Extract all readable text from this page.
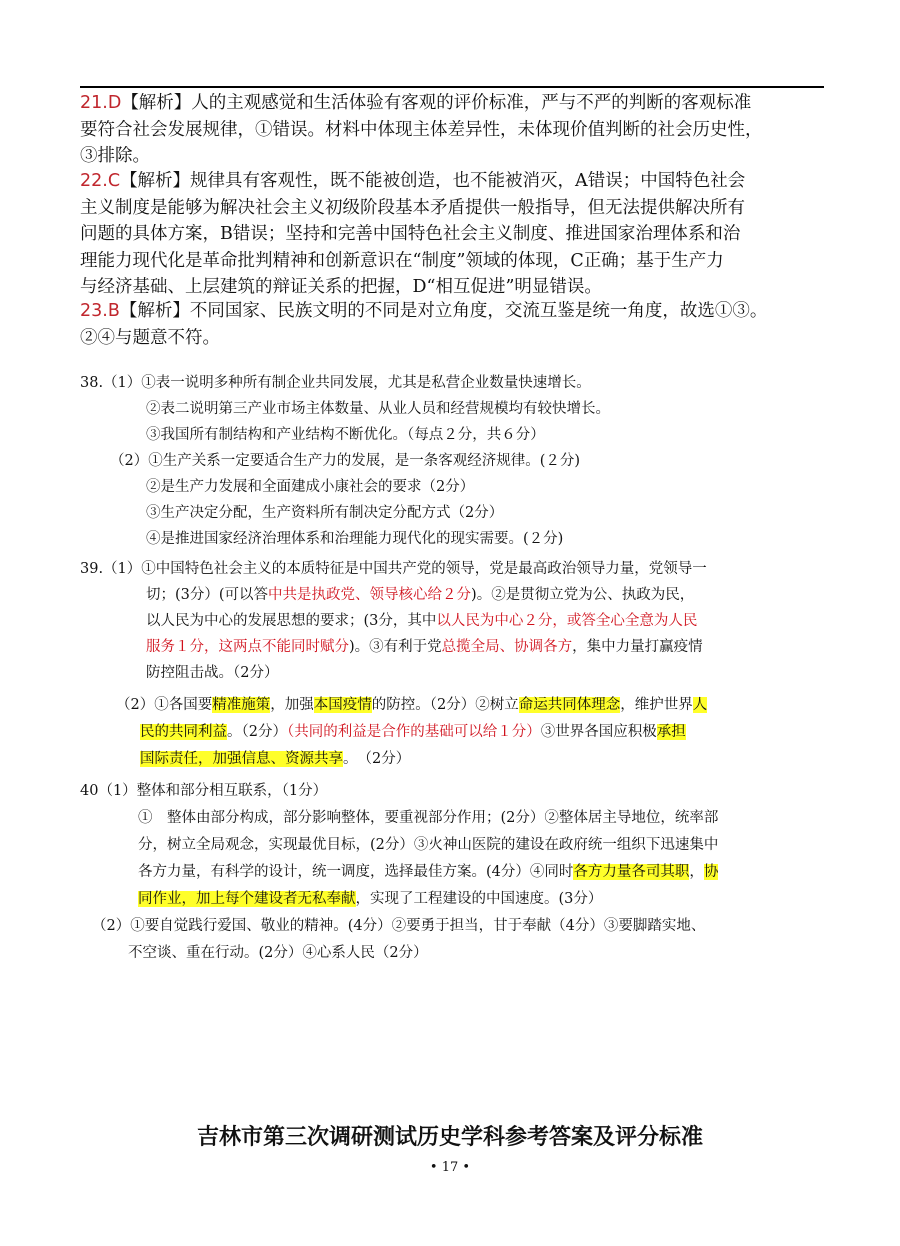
21.D【解析】人的主观感觉和生活体验有客观的评价标准，严与不严的判断的客观标准

要符合社会发展规律，①错误。材料中体现主体差异性，未体现价值判断的社会历史性，

③排除。

22.C【解析】规律具有客观性，既不能被创造，也不能被消灭，A错误；中国特色社会

主义制度是能够为解决社会主义初级阶段基本矛盾提供一般指导，但无法提供解决所有

问题的具体方案，B错误；坚持和完善中国特色社会主义制度、推进国家治理体系和治

理能力现代化是革命批判精神和创新意识在“制度”领域的体现，C正确；基于生产力

与经济基础、上层建筑的辩证关系的把握，D“相互促进”明显错误。

23.B【解析】不同国家、民族文明的不同是对立角度，交流互鉴是统一角度，故选①③。

②④与题意不符。

38.（1）①表一说明多种所有制企业共同发展，尤其是私营企业数量快速增长。

②表二说明第三产业市场主体数量、从业人员和经营规模均有较快增长。

③我国所有制结构和产业结构不断优化。（每点２分，共６分）

（2）①生产关系一定要适合生产力的发展，是一条客观经济规律。(２分)

②是生产力发展和全面建成小康社会的要求（2分）

③生产决定分配，生产资料所有制决定分配方式（2分）

④是推进国家经济治理体系和治理能力现代化的现实需要。(２分)

39.（1）①中国特色社会主义的本质特征是中国共产党的领导，党是最高政治领导力量，党领导一

切；(3分）(可以答中共是执政党、领导核心给２分)。②是贯彻立党为公、执政为民，

以人民为中心的发展思想的要求；(3分，其中以人民为中心２分，或答全心全意为人民

服务１分，这两点不能同时赋分)。③有利于党总揽全局、协调各方，集中力量打赢疫情

防控阻击战。（2分）

（2）①各国要精准施策，加强本国疫情的防控。（2分）②树立命运共同体理念，维护世界人

民的共同利益。（2分）（共同的利益是合作的基础可以给１分）③世界各国应积极承担

国际责任，加强信息、资源共享。　（2分）

40（1）整体和部分相互联系，（1分）

①　整体由部分构成，部分影响整体，要重视部分作用；(2分）②整体居主导地位，统率部

分，树立全局观念，实现最优目标，(2分）③火神山医院的建设在政府统一组织下迅速集中

各方力量，有科学的设计，统一调度，选择最佳方案。(4分）④同时各方力量各司其职，协

同作业，加上每个建设者无私奉献，实现了工程建设的中国速度。(3分）

（2）①要自觉践行爱国、敬业的精神。(4分）②要勇于担当，甘于奉献（4分）③要脚踏实地、

不空谈、重在行动。(2分）④心系人民（2分）

吉林市第三次调研测试历史学科参考答案及评分标准
• 17 •
